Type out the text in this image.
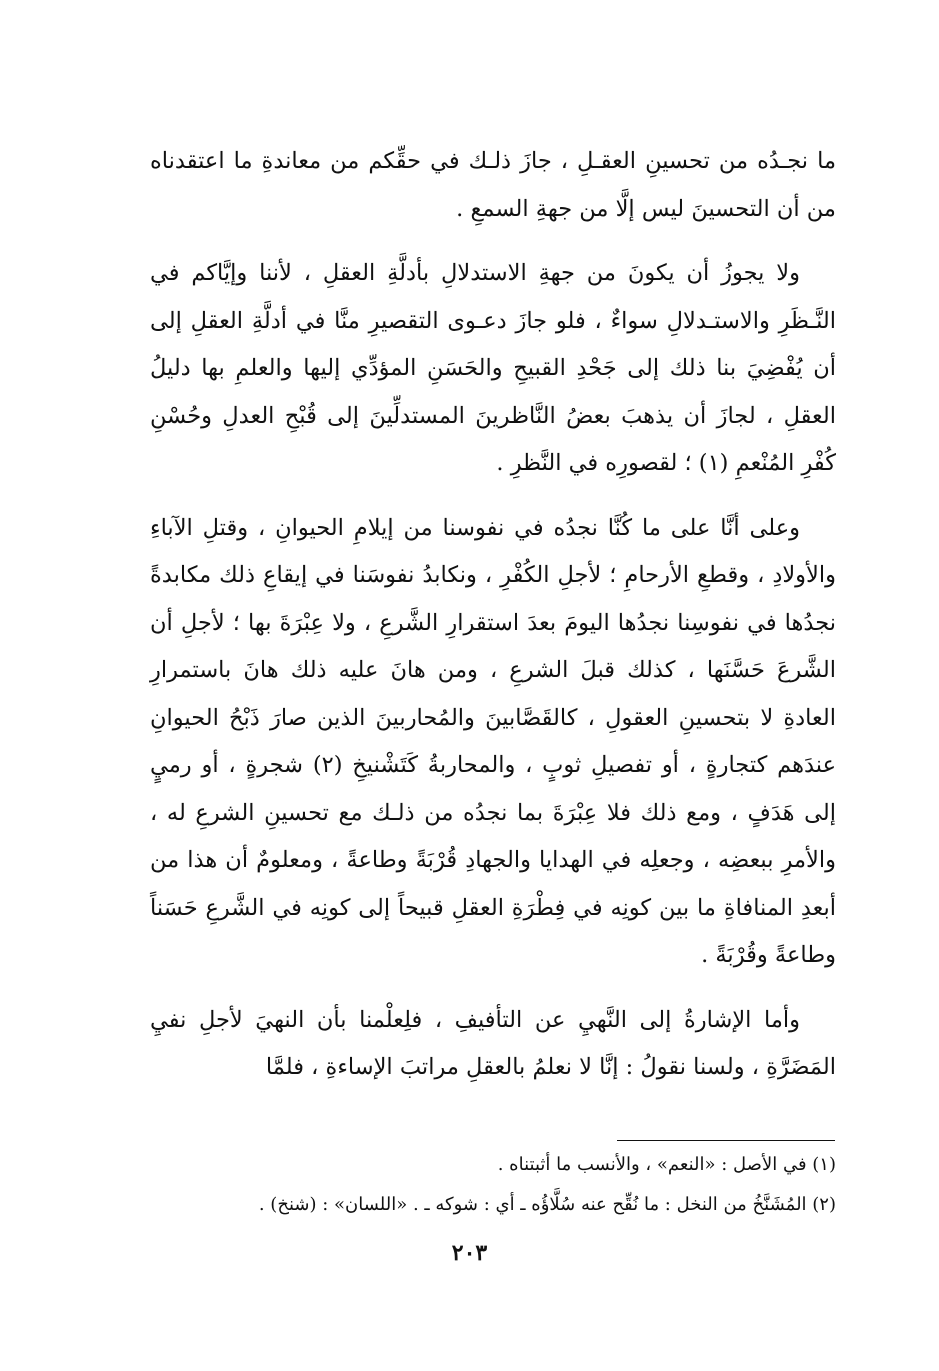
ما نجـدُه من تحسينِ العقـلِ ، جازَ ذلـك في حقِّكم من معاندةِ ما اعتقدناه من أن التحسينَ ليس إلَّا من جهةِ السمعِ .

ولا يجوزُ أن يكونَ من جهةِ الاستدلالِ بأدلَّةِ العقلِ ، لأننا وإيَّاكم في النَّـظَرِ والاستـدلالِ سواءٌ ، فلو جازَ دعـوى التقصيرِ منَّا في أدلَّةِ العقلِ إلى أن يُفْضِيَ بنا ذلك إلى جَحْدِ القبيحِ والحَسَنِ المؤدِّي إليها والعلمِ بها دليلُ العقلِ ، لجازَ أن يذهبَ بعضُ النَّاظرينَ المستدلِّينَ إلى قُبْحِ العدلِ وحُسْنِ كُفْرِ المُنْعمِ (١) ؛ لقصورِه في النَّظرِ .

وعلى أنَّا على ما كُنَّا نجدُه في نفوسنا من إيلامِ الحيوانِ ، وقتلِ الآباءِ والأولادِ ، وقطعِ الأرحامِ ؛ لأجلِ الكُفْرِ ، ونكابدُ نفوسَنا في إيقاعِ ذلك مكابدةً نجدُها في نفوسِنا نجدُها اليومَ بعدَ استقرارِ الشَّرعِ ، ولا عِبْرَةَ بها ؛ لأجلِ أن الشَّرعَ حَسَّنَها ، كذلك قبلَ الشرعِ ، ومن هانَ عليه ذلك هانَ باستمرارِ العادةِ لا بتحسينِ العقولِ ، كالقَصَّابينَ والمُحاربينَ الذين صارَ ذَبْحُ الحيوانِ عندَهم كتجارةٍ ، أو تفصيلِ ثوبٍ ، والمحاربةُ كَتَشْنيخِ (٢) شجرةٍ ، أو رميٍ إلى هَدَفٍ ، ومع ذلك فلا عِبْرَةَ بما نجدُه من ذلـك مع تحسينِ الشرعِ له ، والأمرِ ببعضِه ، وجعلِه في الهدايا والجهادِ قُرْبَةً وطاعةً ، ومعلومٌ أن هذا من أبعدِ المنافاةِ ما بين كونِه في فِطْرَةِ العقلِ قبيحاً إلى كونِه في الشَّرعِ حَسَناً وطاعةً وقُرْبَةً .

وأما الإشارةُ إلى النَّهيِ عن التأفيفِ ، فلِعلْمنا بأن النهيَ لأجلِ نفيِ المَضَرَّةِ ، ولسنا نقولُ : إنَّا لا نعلمُ بالعقلِ مراتبَ الإساءةِ ، فلمَّا

(١) في الأصل : «النعم» ، والأنسب ما أثبتناه .

(٢) المُشَنَّخُ من النخل : ما نُقِّح عنه سُلَّاؤُه ـ أي : شوكه ـ . «اللسان» : (شنخ) .

٢٠٣
